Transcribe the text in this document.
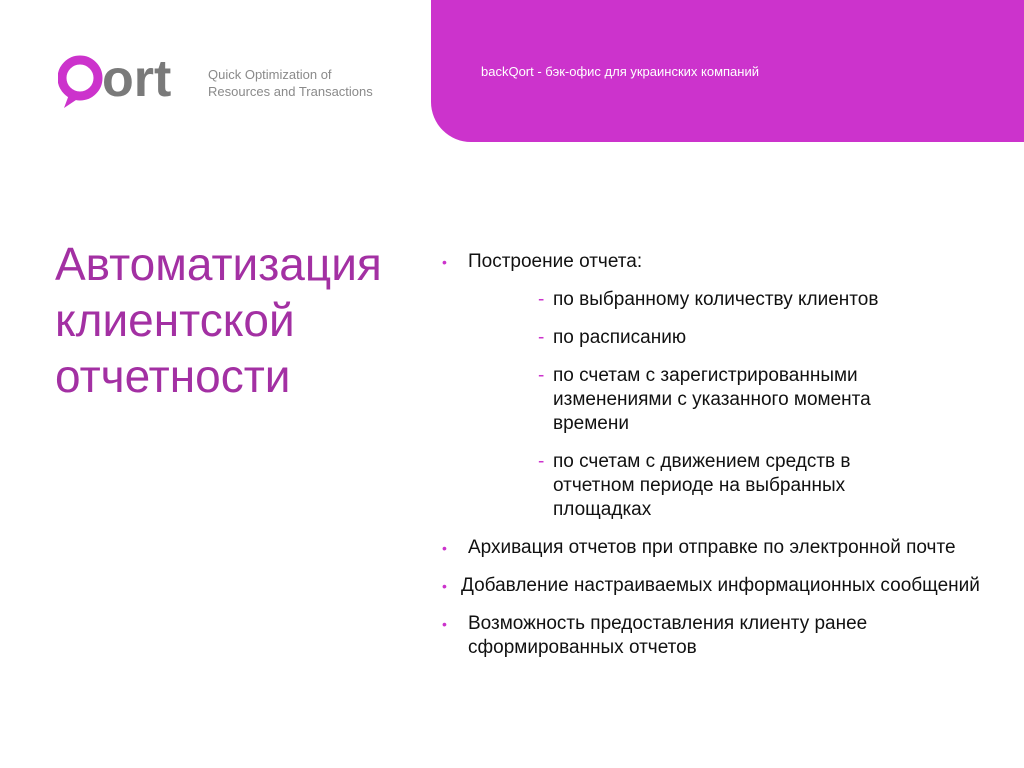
backQort - бэк-офис для украинских компаний
ort	Quick Optimization of
Resources and Transactions
Автоматизация
клиентской
отчетности
• Построение отчета:
- по выбранному количеству клиентов
- по расписанию
- по счетам с зарегистрированными изменениями с указанного момента времени
- по счетам с движением средств в отчетном периоде на выбранных площадках
• Архивация отчетов при отправке по электронной почте
• Добавление настраиваемых информационных сообщений
• Возможность предоставления клиенту ранее сформированных отчетов
